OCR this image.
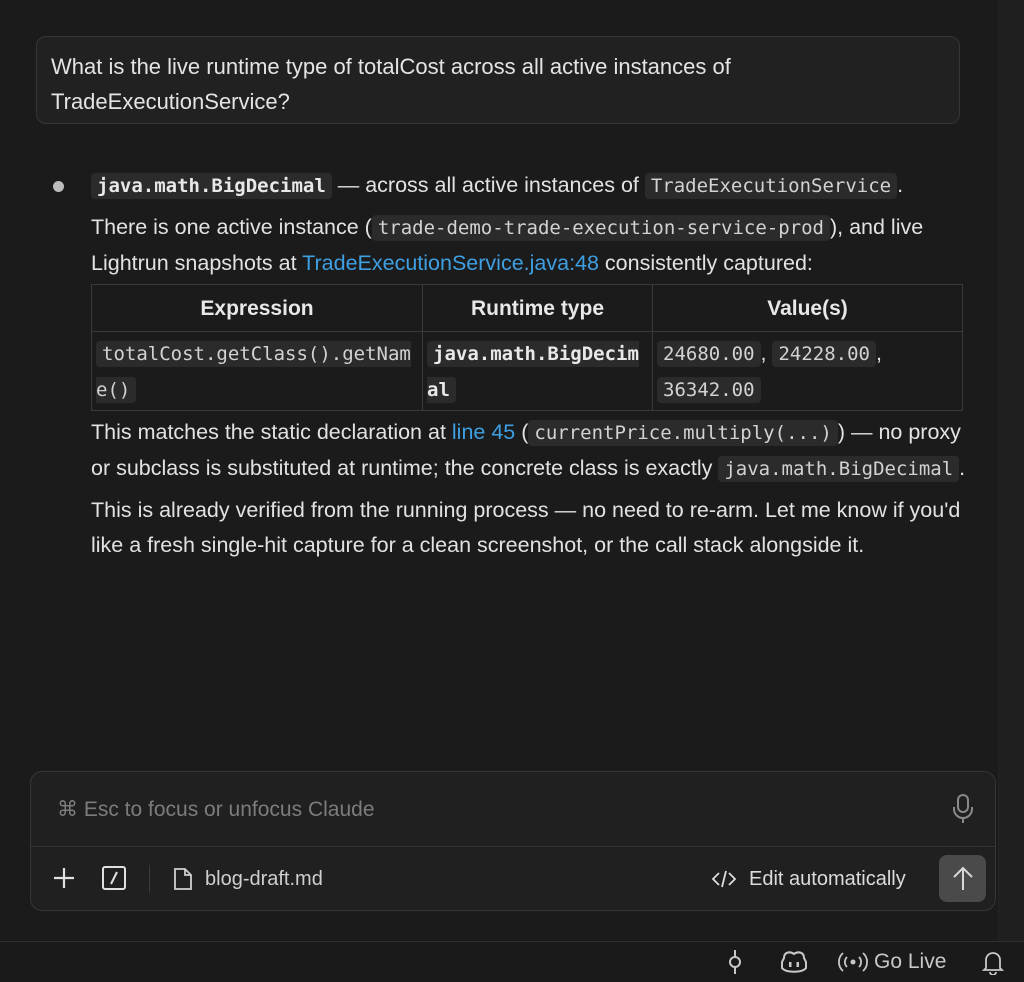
What is the live runtime type of totalCost across all active instances of TradeExecutionService?

java.math.BigDecimal — across all active instances of TradeExecutionService .

There is one active instance ( trade-demo-trade-execution-service-prod ), and live Lightrun snapshots at TradeExecutionService.java:48 consistently captured:

Expression	Runtime type	Value(s)
totalCost.getClass().getName()	java.math.BigDecimal	24680.00 , 24228.00 , 36342.00

This matches the static declaration at line 45 ( currentPrice.multiply(...) ) — no proxy or subclass is substituted at runtime; the concrete class is exactly java.math.BigDecimal .

This is already verified from the running process — no need to re-arm. Let me know if you'd like a fresh single-hit capture for a clean screenshot, or the call stack alongside it.

⌘ Esc to focus or unfocus Claude
blog-draft.md	Edit automatically
Go Live
